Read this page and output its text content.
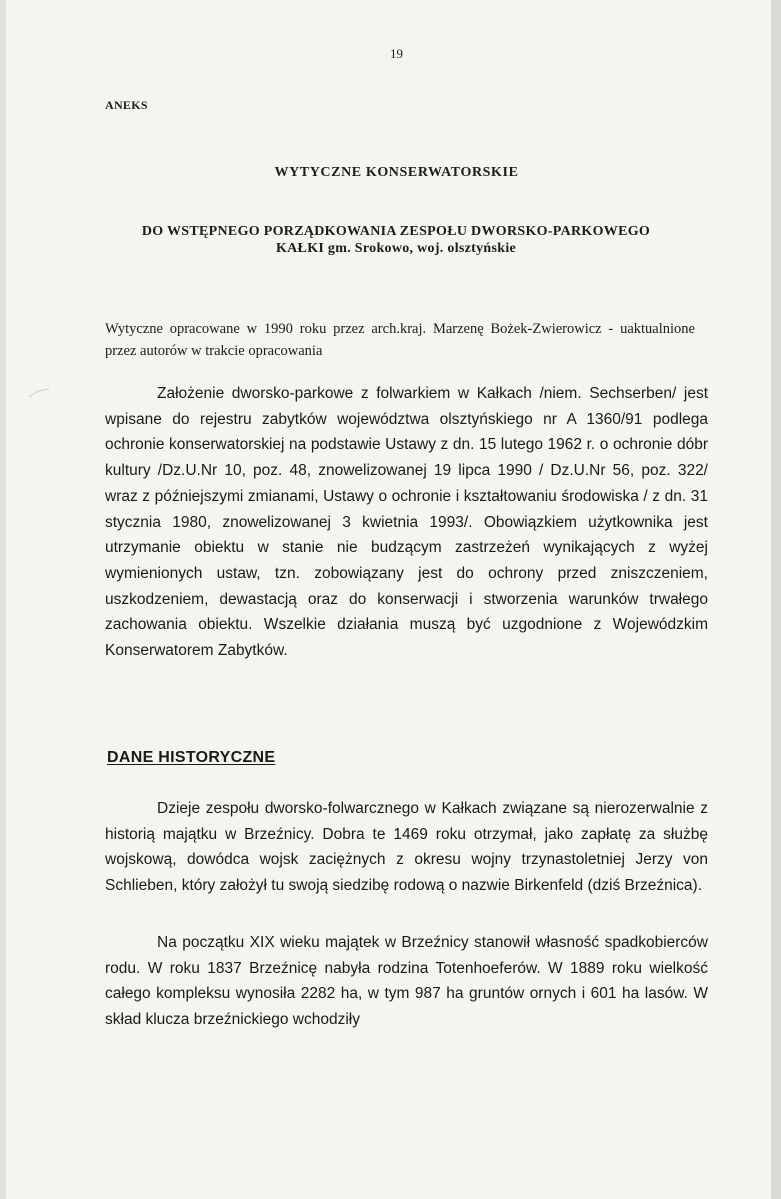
19
ANEKS
WYTYCZNE KONSERWATORSKIE
DO WSTĘPNEGO PORZĄDKOWANIA ZESPOŁU DWORSKO-PARKOWEGO
KAŁKI gm. Srokowo, woj. olsztyńskie
Wytyczne opracowane w 1990 roku przez arch.kraj. Marzenę Bożek-Zwierowicz - uaktualnione przez autorów w trakcie opracowania
Założenie dworsko-parkowe z folwarkiem w Kałkach /niem. Sechserben/ jest wpisane do rejestru zabytków województwa olsztyńskiego nr A 1360/91 podlega ochronie konserwatorskiej na podstawie Ustawy z dn. 15 lutego 1962 r. o ochronie dóbr kultury /Dz.U.Nr 10, poz. 48, znowelizowanej 19 lipca 1990 / Dz.U.Nr 56, poz. 322/ wraz z późniejszymi zmianami, Ustawy o ochronie i kształtowaniu środowiska / z dn. 31 stycznia 1980, znowelizowanej 3 kwietnia 1993/. Obowiązkiem użytkownika jest utrzymanie obiektu w stanie nie budzącym zastrzeżeń wynikających z wyżej wymienionych ustaw, tzn. zobowiązany jest do ochrony przed zniszczeniem, uszkodzeniem, dewastacją oraz do konserwacji i stworzenia warunków trwałego zachowania obiektu. Wszelkie działania muszą być uzgodnione z Wojewódzkim Konserwatorem Zabytków.
DANE HISTORYCZNE
Dzieje zespołu dworsko-folwarcznego w Kałkach związane są nierozerwalnie z historią majątku w Brzeźnicy. Dobra te 1469 roku otrzymał, jako zapłatę za służbę wojskową, dowódca wojsk zaciężnych z okresu wojny trzynastoletniej Jerzy von Schlieben, który założył tu swoją siedzibę rodową o nazwie Birkenfeld (dziś Brzeźnica).
Na początku XIX wieku majątek w Brzeźnicy stanowił własność spadkobierców rodu. W roku 1837 Brzeźnicę nabyła rodzina Totenhoeferów. W 1889 roku wielkość całego kompleksu wynosiła 2282 ha, w tym 987 ha gruntów ornych i 601 ha lasów. W skład klucza brzeźnickiego wchodziły
